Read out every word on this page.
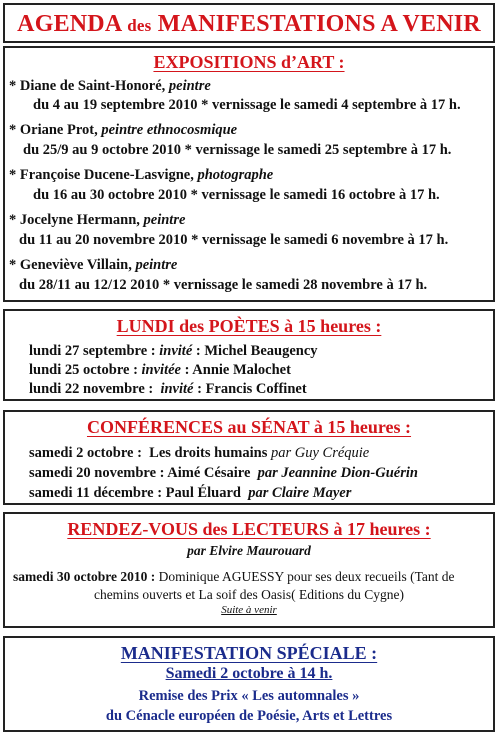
AGENDA des MANIFESTATIONS A VENIR
EXPOSITIONS d’ART :
* Diane de Saint-Honoré, peintre
du 4 au 19 septembre 2010 * vernissage le samedi 4 septembre à 17 h.
* Oriane Prot, peintre ethnocosmique
du 25/9 au 9 octobre 2010 * vernissage le samedi 25 septembre à 17 h.
* Françoise Ducene-Lasvigne, photographe
du 16 au 30 octobre 2010 * vernissage le samedi 16 octobre à 17 h.
* Jocelyne Hermann, peintre
du 11 au 20 novembre 2010 * vernissage le samedi 6 novembre à 17 h.
* Geneviève Villain, peintre
du 28/11 au 12/12 2010 * vernissage le samedi 28 novembre à 17 h.
LUNDI des POÈTES à 15 heures :
lundi 27 septembre : invité : Michel Beaugency
lundi 25 octobre : invitée : Annie Malochet
lundi 22 novembre : invité : Francis Coffinet
CONFÉRENCES au SÉNAT à 15 heures :
samedi 2 octobre : Les droits humains par Guy Créquie
samedi 20 novembre : Aimé Césaire par Jeannine Dion-Guérin
samedi 11 décembre : Paul Éluard par Claire Mayer
RENDEZ-VOUS des LECTEURS à 17 heures :
par Elvire Maurouard
samedi 30 octobre 2010 : Dominique AGUESSY pour ses deux recueils (Tant de
chemins ouverts et La soif des Oasis( Editions du Cygne)
Suite à venir
MANIFESTATION SPÉCIALE :
Samedi 2 octobre à 14 h.
Remise des Prix « Les automnales »
du Cénacle européen de Poésie, Arts et Lettres
